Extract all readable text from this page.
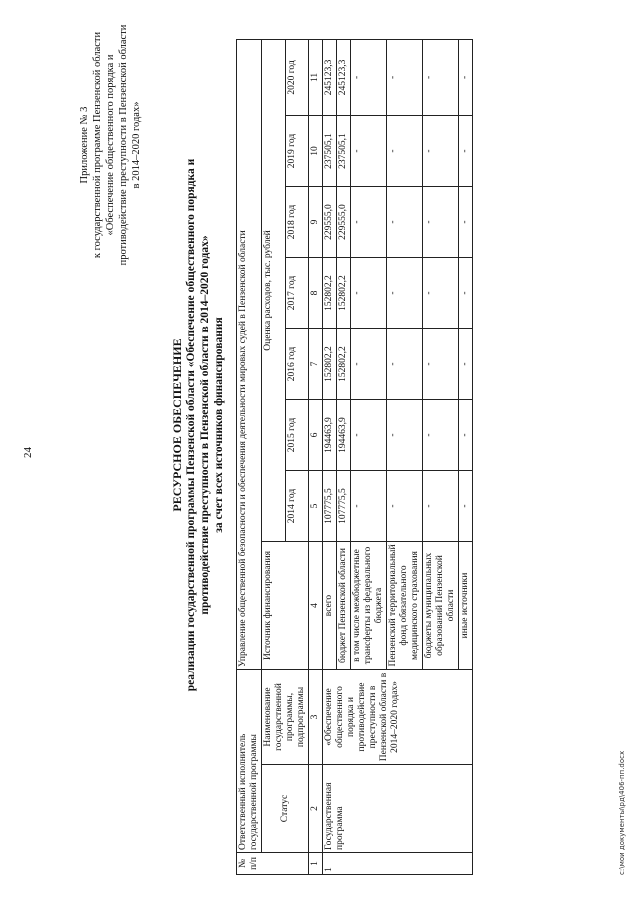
24
Приложение № 3 к государственной программе Пензенской области «Обеспечение общественного порядка и противодействие преступности в Пензенской области в 2014–2020 годах»
РЕСУРСНОЕ ОБЕСПЕЧЕНИЕ реализации государственной программы Пензенской области «Обеспечение общественного порядка и противодействие преступности в Пензенской области в 2014–2020 годах» за счет всех источников финансирования
№ п/п	Ответственный исполнитель государственной программы		Управление общественной безопасности и обеспечения деятельности мировых судей в Пензенской области							
	Статус	Наименование государственной программы, подпрограммы	Источник финансирования	Оценка расходов, тыс. рублей						
				2014 год	2015 год	2016 год	2017 год	2018 год	2019 год	2020 год
1	2	3	4	5	6	7	8	9	10	11
1	Государственная программа	«Обеспечение общественного порядка и противодействие преступности в Пензенской области в 2014–2020 годах»	всего	107775,5	194463,9	152802,2	152802,2	229555,0	237505,1	245123,3
			бюджет Пензенской области	107775,5	194463,9	152802,2	152802,2	229555,0	237505,1	245123,3
			в том числе межбюджетные трансферты из федерального бюджета	-	-	-	-	-	-	-
			Пензенский территориальный фонд обязательного медицинского страхования	-	-	-	-	-	-	-
			бюджеты муниципальных образований Пензенской области	-	-	-	-	-	-	-
			иные источники	-	-	-	-	-	-	-
c:\мои документы\рд\406-пп.docx
